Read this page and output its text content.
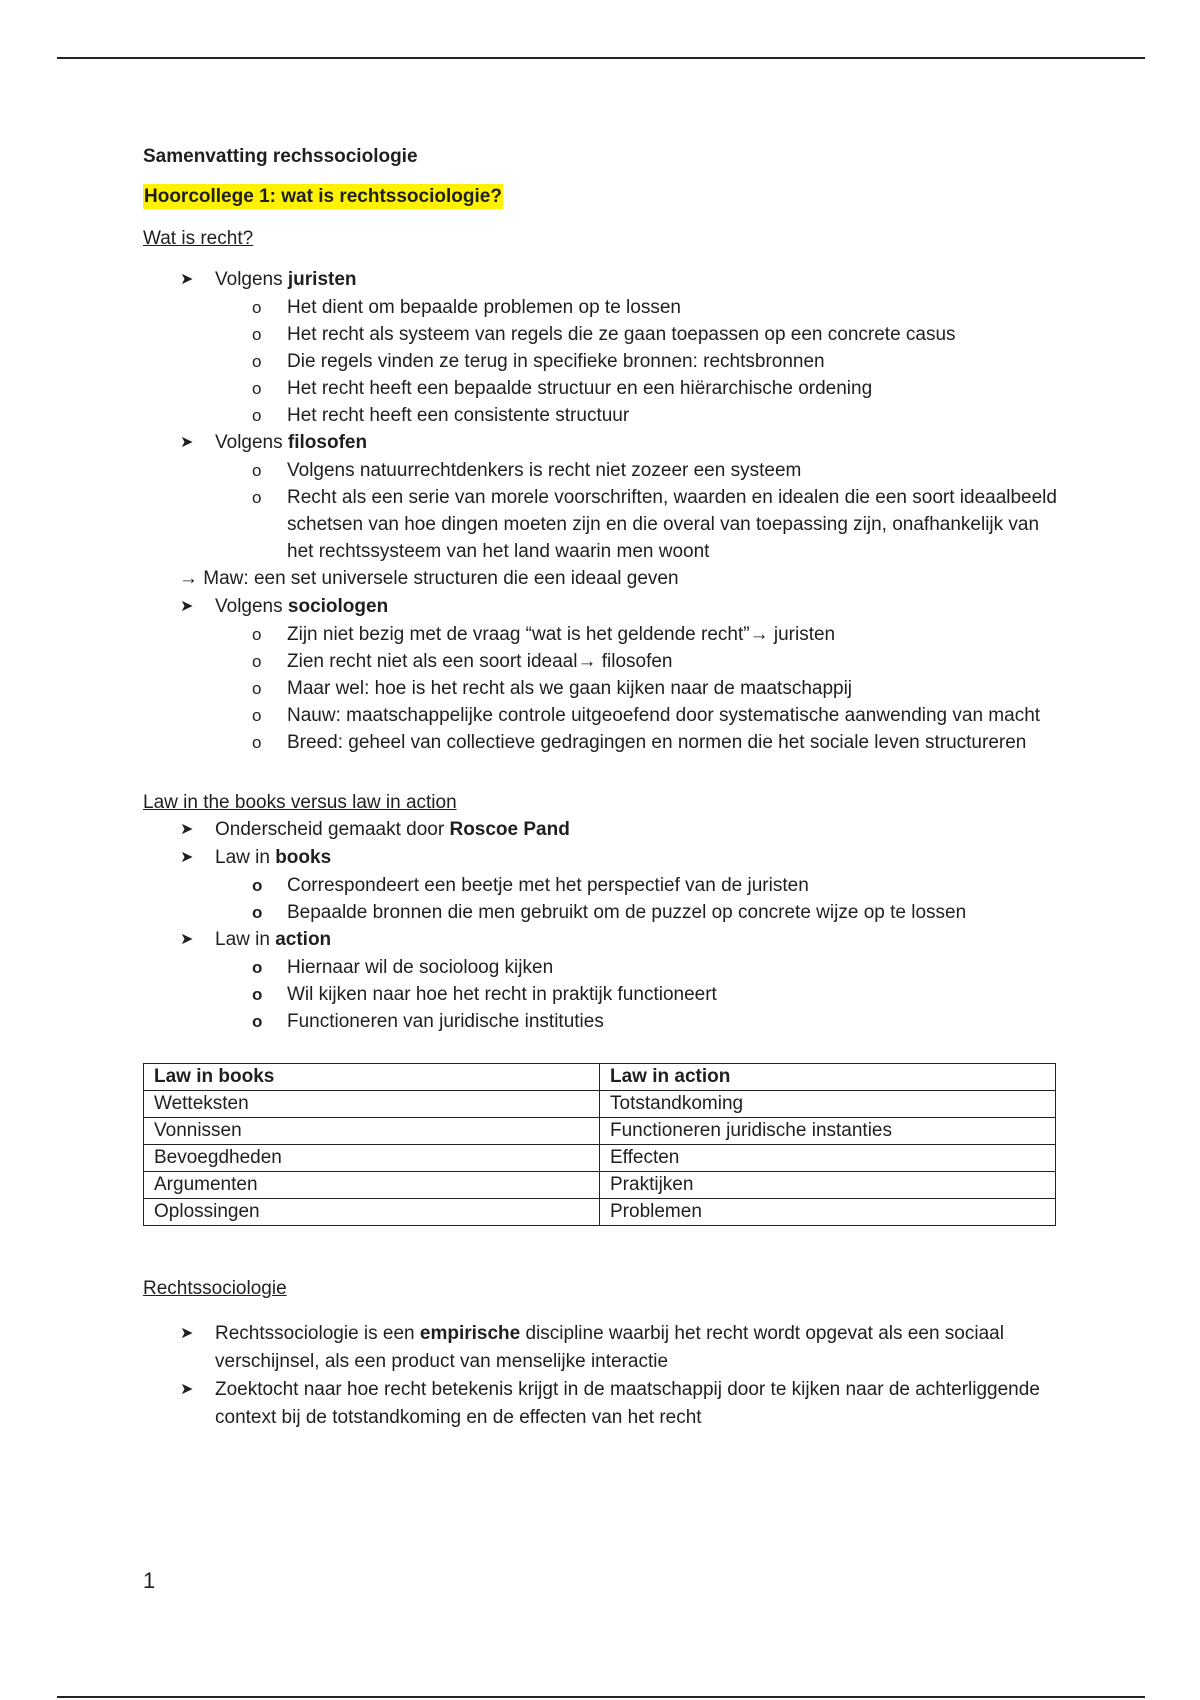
Samenvatting rechssociologie
Hoorcollege 1: wat is rechtssociologie?
Wat is recht?
➤ Volgens juristen
o Het dient om bepaalde problemen op te lossen
o Het recht als systeem van regels die ze gaan toepassen op een concrete casus
o Die regels vinden ze terug in specifieke bronnen: rechtsbronnen
o Het recht heeft een bepaalde structuur en een hiërarchische ordening
o Het recht heeft een consistente structuur
➤ Volgens filosofen
o Volgens natuurrechtdenkers is recht niet zozeer een systeem
o Recht als een serie van morele voorschriften, waarden en idealen die een soort ideaalbeeld schetsen van hoe dingen moeten zijn en die overal van toepassing zijn, onafhankelijk van het rechtssysteem van het land waarin men woont
→ Maw: een set universele structuren die een ideaal geven
➤ Volgens sociologen
o Zijn niet bezig met de vraag “wat is het geldende recht”→ juristen
o Zien recht niet als een soort ideaal→ filosofen
o Maar wel: hoe is het recht als we gaan kijken naar de maatschappij
o Nauw: maatschappelijke controle uitgeoefend door systematische aanwending van macht
o Breed: geheel van collectieve gedragingen en normen die het sociale leven structureren
Law in the books versus law in action
➤ Onderscheid gemaakt door Roscoe Pand
➤ Law in books
o Correspondeert een beetje met het perspectief van de juristen
o Bepaalde bronnen die men gebruikt om de puzzel op concrete wijze op te lossen
➤ Law in action
o Hiernaar wil de socioloog kijken
o Wil kijken naar hoe het recht in praktijk functioneert
o Functioneren van juridische instituties
Law in books	Law in action
Wetteksten	Totstandkoming
Vonnissen	Functioneren juridische instanties
Bevoegdheden	Effecten
Argumenten	Praktijken
Oplossingen	Problemen
Rechtssociologie
➤ Rechtssociologie is een empirische discipline waarbij het recht wordt opgevat als een sociaal verschijnsel, als een product van menselijke interactie
➤ Zoektocht naar hoe recht betekenis krijgt in de maatschappij door te kijken naar de achterliggende context bij de totstandkoming en de effecten van het recht
1
